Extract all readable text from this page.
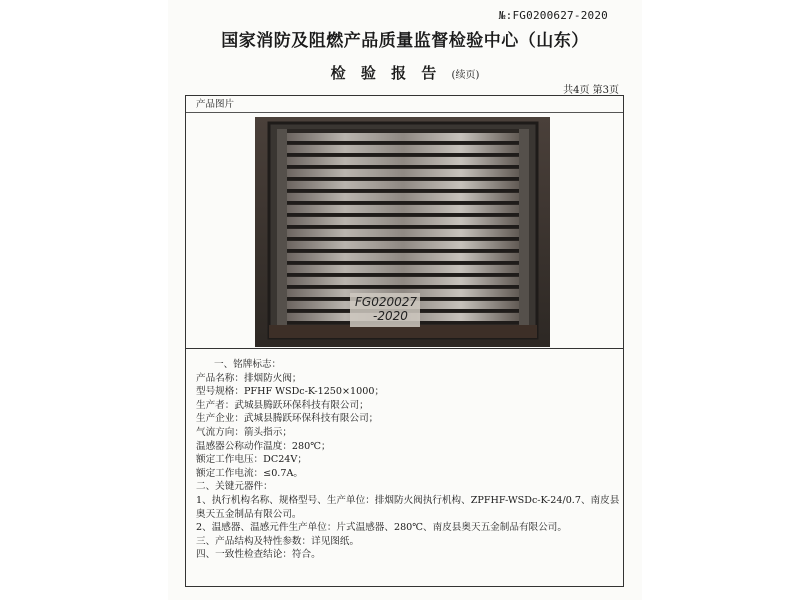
№:FG0200627-2020
国家消防及阻燃产品质量监督检验中心（山东）
检 验 报 告 (续页)
共4页 第3页
产品图片
FG020027
-2020
一、铭牌标志：
产品名称：排烟防火阀；
型号规格：PFHF WSDc-K-1250×1000；
生产者：武城县腾跃环保科技有限公司；
生产企业：武城县腾跃环保科技有限公司；
气流方向：箭头指示；
温感器公称动作温度：280℃；
额定工作电压：DC24V；
额定工作电流：≤0.7A。
二、关键元器件：
1、执行机构名称、规格型号、生产单位：排烟防火阀执行机构、ZPFHF-WSDc-K-24/0.7、南皮县
奥天五金制品有限公司。
2、温感器、温感元件生产单位：片式温感器、280℃、南皮县奥天五金制品有限公司。
三、产品结构及特性参数：详见图纸。
四、一致性检查结论：符合。
